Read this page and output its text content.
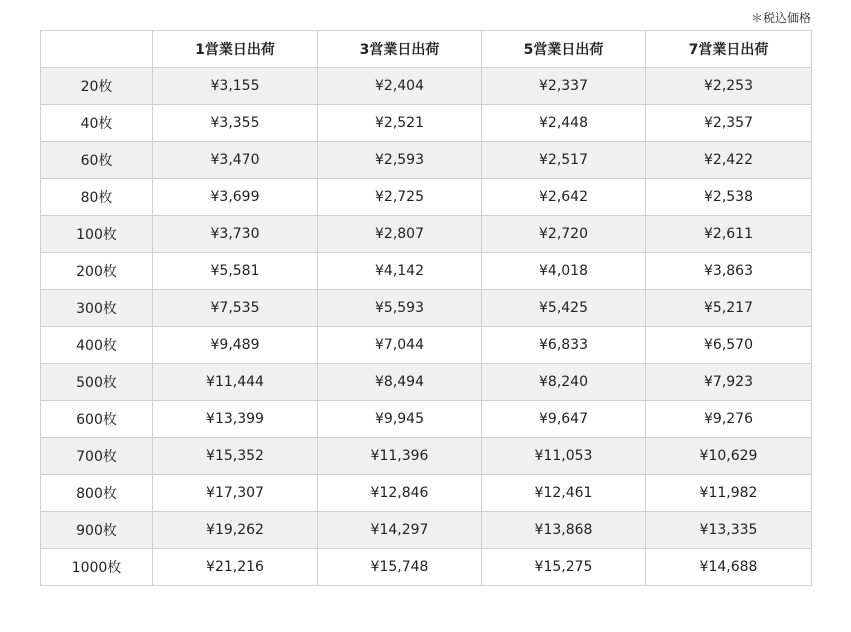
＊税込価格
	1営業日出荷	3営業日出荷	5営業日出荷	7営業日出荷
20枚	¥3,155	¥2,404	¥2,337	¥2,253
40枚	¥3,355	¥2,521	¥2,448	¥2,357
60枚	¥3,470	¥2,593	¥2,517	¥2,422
80枚	¥3,699	¥2,725	¥2,642	¥2,538
100枚	¥3,730	¥2,807	¥2,720	¥2,611
200枚	¥5,581	¥4,142	¥4,018	¥3,863
300枚	¥7,535	¥5,593	¥5,425	¥5,217
400枚	¥9,489	¥7,044	¥6,833	¥6,570
500枚	¥11,444	¥8,494	¥8,240	¥7,923
600枚	¥13,399	¥9,945	¥9,647	¥9,276
700枚	¥15,352	¥11,396	¥11,053	¥10,629
800枚	¥17,307	¥12,846	¥12,461	¥11,982
900枚	¥19,262	¥14,297	¥13,868	¥13,335
1000枚	¥21,216	¥15,748	¥15,275	¥14,688
